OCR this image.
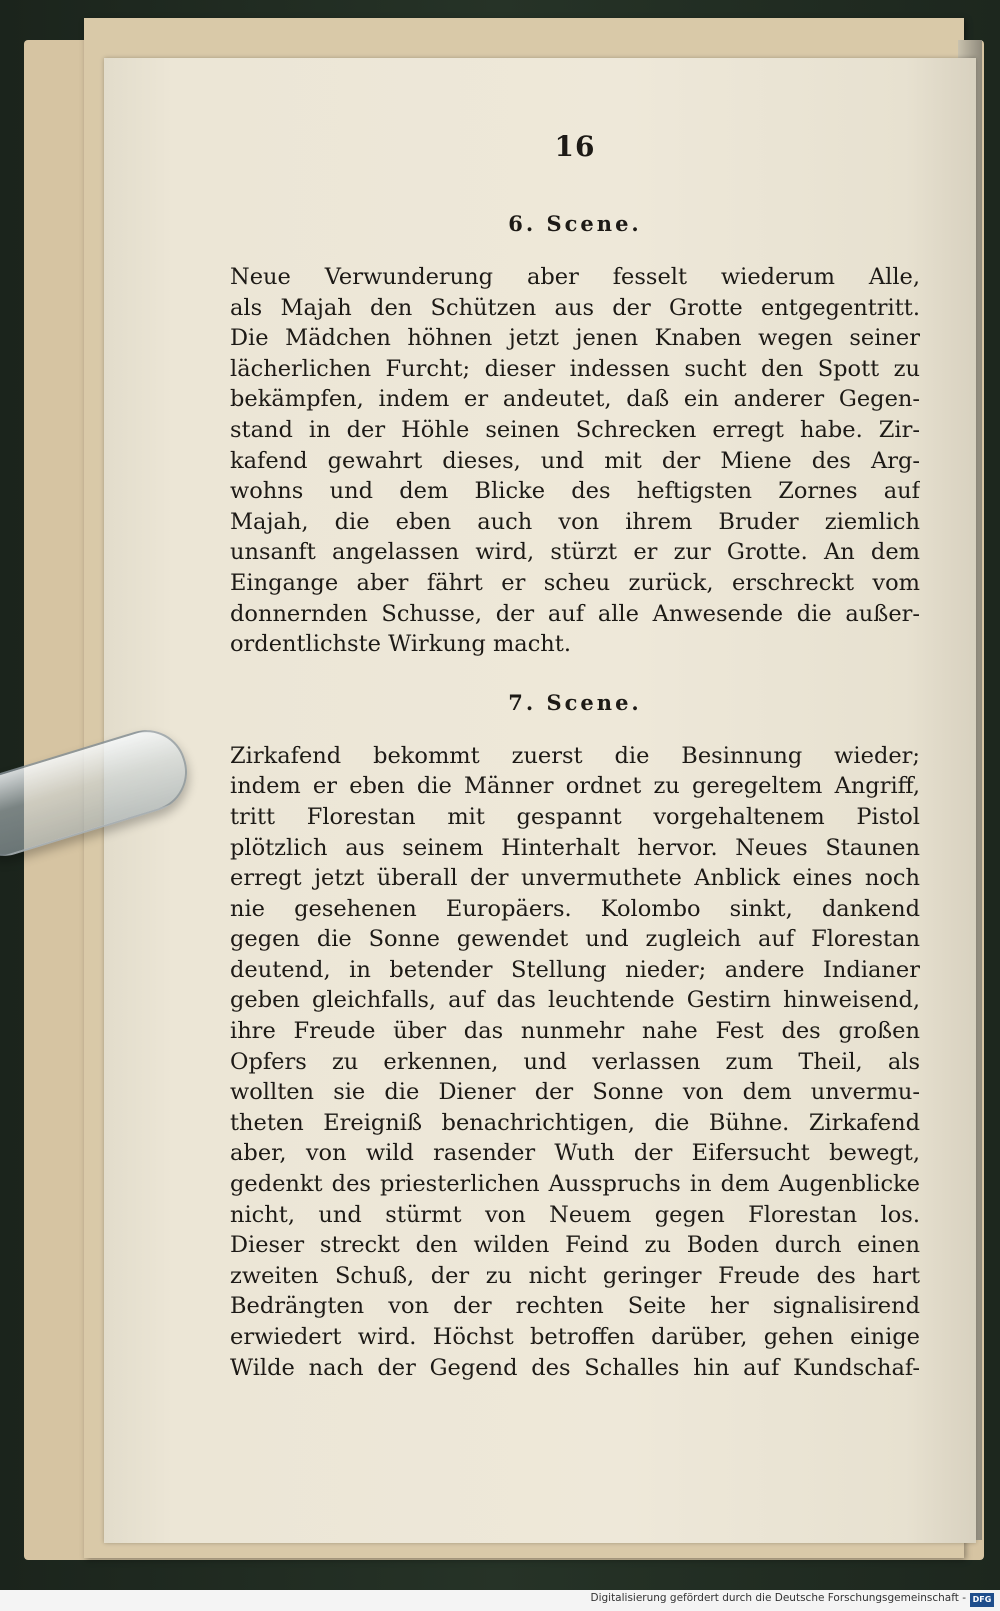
16
6. Scene.
Neue Verwunderung aber fesselt wiederum Alle,
als Majah den Schützen aus der Grotte entgegentritt.
Die Mädchen höhnen jetzt jenen Knaben wegen seiner
lächerlichen Furcht; dieser indessen sucht den Spott zu
bekämpfen, indem er andeutet, daß ein anderer Gegen-
stand in der Höhle seinen Schrecken erregt habe. Zir-
kafend gewahrt dieses, und mit der Miene des Arg-
wohns und dem Blicke des heftigsten Zornes auf
Majah, die eben auch von ihrem Bruder ziemlich
unsanft angelassen wird, stürzt er zur Grotte. An dem
Eingange aber fährt er scheu zurück, erschreckt vom
donnernden Schusse, der auf alle Anwesende die außer-
ordentlichste Wirkung macht.
7. Scene.
Zirkafend bekommt zuerst die Besinnung wieder;
indem er eben die Männer ordnet zu geregeltem Angriff,
tritt Florestan mit gespannt vorgehaltenem Pistol
plötzlich aus seinem Hinterhalt hervor. Neues Staunen
erregt jetzt überall der unvermuthete Anblick eines noch
nie gesehenen Europäers. Kolombo sinkt, dankend
gegen die Sonne gewendet und zugleich auf Florestan
deutend, in betender Stellung nieder; andere Indianer
geben gleichfalls, auf das leuchtende Gestirn hinweisend,
ihre Freude über das nunmehr nahe Fest des großen
Opfers zu erkennen, und verlassen zum Theil, als
wollten sie die Diener der Sonne von dem unvermu-
theten Ereigniß benachrichtigen, die Bühne. Zirkafend
aber, von wild rasender Wuth der Eifersucht bewegt,
gedenkt des priesterlichen Ausspruchs in dem Augenblicke
nicht, und stürmt von Neuem gegen Florestan los.
Dieser streckt den wilden Feind zu Boden durch einen
zweiten Schuß, der zu nicht geringer Freude des hart
Bedrängten von der rechten Seite her signalisirend
erwiedert wird. Höchst betroffen darüber, gehen einige
Wilde nach der Gegend des Schalles hin auf Kundschaf-
Digitalisierung gefördert durch die Deutsche Forschungsgemeinschaft - DFG
